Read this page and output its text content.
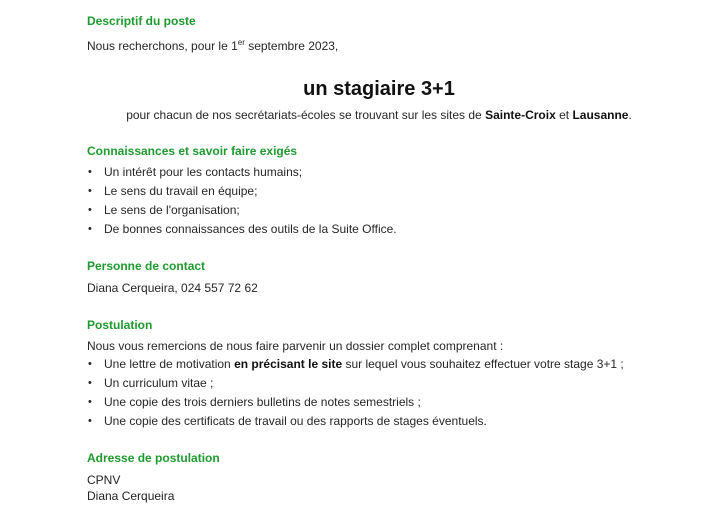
Descriptif du poste
Nous recherchons, pour le 1er septembre 2023,
un stagiaire 3+1
pour chacun de nos secrétariats-écoles se trouvant sur les sites de Sainte-Croix et Lausanne.
Connaissances et savoir faire exigés
• Un intérêt pour les contacts humains;
• Le sens du travail en équipe;
• Le sens de l'organisation;
• De bonnes connaissances des outils de la Suite Office.
Personne de contact
Diana Cerqueira, 024 557 72 62
Postulation
Nous vous remercions de nous faire parvenir un dossier complet comprenant :
• Une lettre de motivation en précisant le site sur lequel vous souhaitez effectuer votre stage 3+1 ;
• Un curriculum vitae ;
• Une copie des trois derniers bulletins de notes semestriels ;
• Une copie des certificats de travail ou des rapports de stages éventuels.
Adresse de postulation
CPNV
Diana Cerqueira
